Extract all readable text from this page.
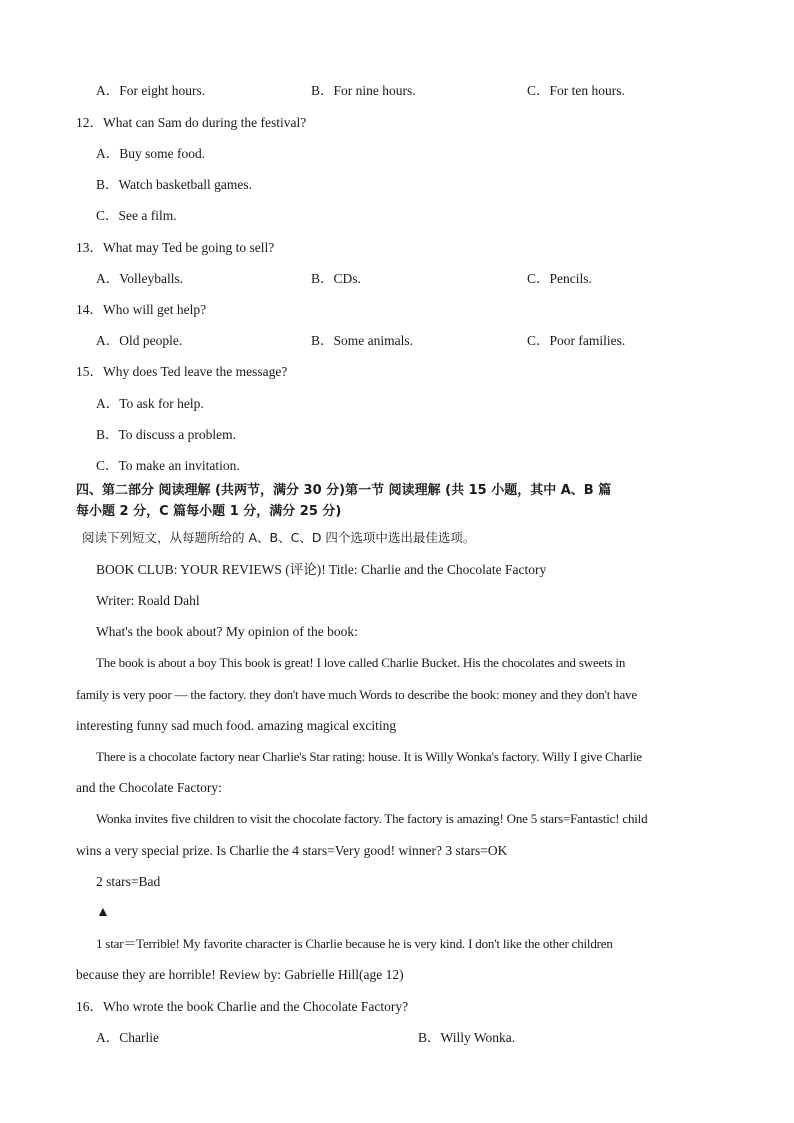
A．For eight hours.	B．For nine hours.	C．For ten hours.
12．What can Sam do during the festival?
A．Buy some food.
B．Watch basketball games.
C．See a film.
13．What may Ted be going to sell?
A．Volleyballs.	B．CDs.	C．Pencils.
14．Who will get help?
A．Old people.	B．Some animals.	C．Poor families.
15．Why does Ted leave the message?
A．To ask for help.
B．To discuss a problem.
C．To make an invitation.
四、第二部分 阅读理解 (共两节，满分 30 分)第一节 阅读理解 (共 15 小题，其中 A、B 篇
每小题 2 分，C 篇每小题 1 分，满分 25 分)
阅读下列短文，从每题所给的 A、B、C、D 四个选项中选出最佳选项。
BOOK CLUB: YOUR REVIEWS (评论)! Title: Charlie and the Chocolate Factory
Writer: Roald Dahl
What's the book about? My opinion of the book:
The book is about a boy This book is great! I love called Charlie Bucket. His the chocolates and sweets in
family is very poor — the factory. they don't have much Words to describe the book: money and they don't have
interesting funny sad much food. amazing magical exciting
There is a chocolate factory near Charlie's Star rating: house. It is Willy Wonka's factory. Willy I give Charlie
and the Chocolate Factory:
Wonka invites five children to visit the chocolate factory. The factory is amazing! One 5 stars=Fantastic! child
wins a very special prize. Is Charlie the 4 stars=Very good! winner? 3 stars=OK
2 stars=Bad
▲
1 star＝Terrible! My favorite character is Charlie because he is very kind. I don't like the other children
because they are horrible! Review by: Gabrielle Hill(age 12)
16．Who wrote the book Charlie and the Chocolate Factory?
A．Charlie	B．Willy Wonka.
